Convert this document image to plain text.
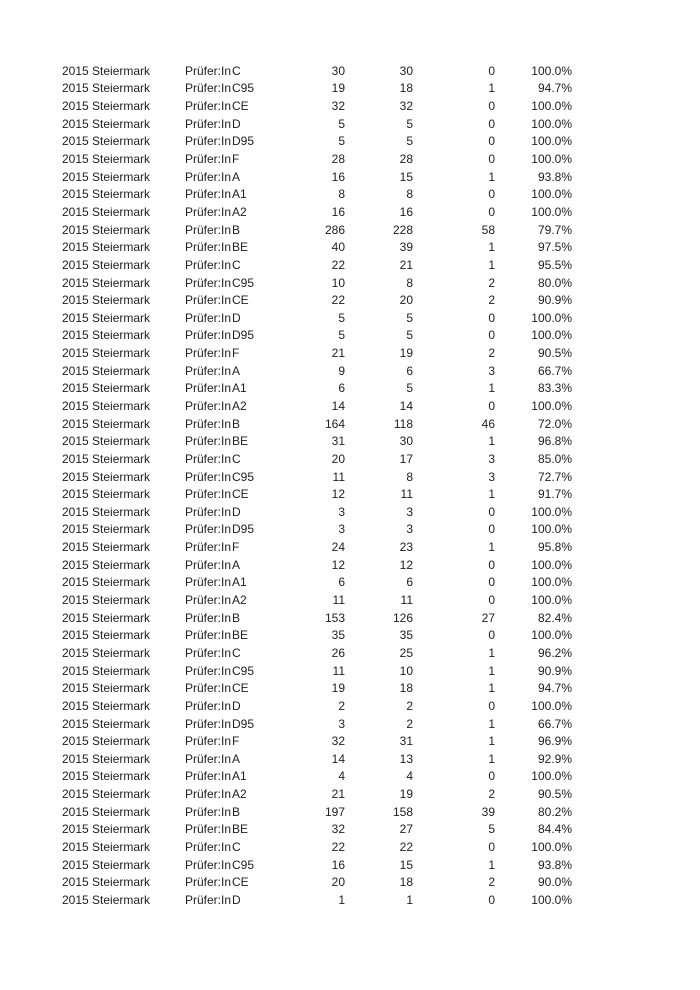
2015 Steiermark	Prüfer:In C	30	30	0	100.0%
2015 Steiermark	Prüfer:In C95	19	18	1	94.7%
2015 Steiermark	Prüfer:In CE	32	32	0	100.0%
2015 Steiermark	Prüfer:In D	5	5	0	100.0%
2015 Steiermark	Prüfer:In D95	5	5	0	100.0%
2015 Steiermark	Prüfer:In F	28	28	0	100.0%
2015 Steiermark	Prüfer:In A	16	15	1	93.8%
2015 Steiermark	Prüfer:In A1	8	8	0	100.0%
2015 Steiermark	Prüfer:In A2	16	16	0	100.0%
2015 Steiermark	Prüfer:In B	286	228	58	79.7%
2015 Steiermark	Prüfer:In BE	40	39	1	97.5%
2015 Steiermark	Prüfer:In C	22	21	1	95.5%
2015 Steiermark	Prüfer:In C95	10	8	2	80.0%
2015 Steiermark	Prüfer:In CE	22	20	2	90.9%
2015 Steiermark	Prüfer:In D	5	5	0	100.0%
2015 Steiermark	Prüfer:In D95	5	5	0	100.0%
2015 Steiermark	Prüfer:In F	21	19	2	90.5%
2015 Steiermark	Prüfer:In A	9	6	3	66.7%
2015 Steiermark	Prüfer:In A1	6	5	1	83.3%
2015 Steiermark	Prüfer:In A2	14	14	0	100.0%
2015 Steiermark	Prüfer:In B	164	118	46	72.0%
2015 Steiermark	Prüfer:In BE	31	30	1	96.8%
2015 Steiermark	Prüfer:In C	20	17	3	85.0%
2015 Steiermark	Prüfer:In C95	11	8	3	72.7%
2015 Steiermark	Prüfer:In CE	12	11	1	91.7%
2015 Steiermark	Prüfer:In D	3	3	0	100.0%
2015 Steiermark	Prüfer:In D95	3	3	0	100.0%
2015 Steiermark	Prüfer:In F	24	23	1	95.8%
2015 Steiermark	Prüfer:In A	12	12	0	100.0%
2015 Steiermark	Prüfer:In A1	6	6	0	100.0%
2015 Steiermark	Prüfer:In A2	11	11	0	100.0%
2015 Steiermark	Prüfer:In B	153	126	27	82.4%
2015 Steiermark	Prüfer:In BE	35	35	0	100.0%
2015 Steiermark	Prüfer:In C	26	25	1	96.2%
2015 Steiermark	Prüfer:In C95	11	10	1	90.9%
2015 Steiermark	Prüfer:In CE	19	18	1	94.7%
2015 Steiermark	Prüfer:In D	2	2	0	100.0%
2015 Steiermark	Prüfer:In D95	3	2	1	66.7%
2015 Steiermark	Prüfer:In F	32	31	1	96.9%
2015 Steiermark	Prüfer:In A	14	13	1	92.9%
2015 Steiermark	Prüfer:In A1	4	4	0	100.0%
2015 Steiermark	Prüfer:In A2	21	19	2	90.5%
2015 Steiermark	Prüfer:In B	197	158	39	80.2%
2015 Steiermark	Prüfer:In BE	32	27	5	84.4%
2015 Steiermark	Prüfer:In C	22	22	0	100.0%
2015 Steiermark	Prüfer:In C95	16	15	1	93.8%
2015 Steiermark	Prüfer:In CE	20	18	2	90.0%
2015 Steiermark	Prüfer:In D	1	1	0	100.0%
